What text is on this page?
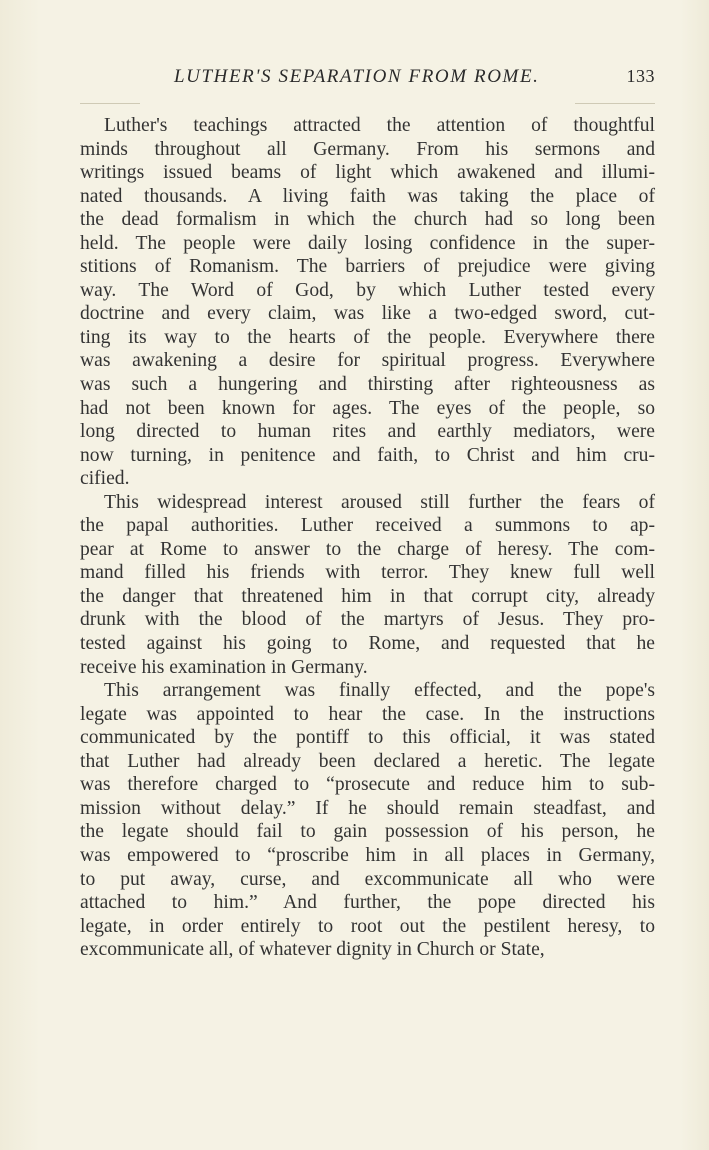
LUTHER'S SEPARATION FROM ROME.	133
Luther's teachings attracted the attention of thoughtful
minds throughout all Germany. From his sermons and
writings issued beams of light which awakened and illumi-
nated thousands. A living faith was taking the place of
the dead formalism in which the church had so long been
held. The people were daily losing confidence in the super-
stitions of Romanism. The barriers of prejudice were giving
way. The Word of God, by which Luther tested every
doctrine and every claim, was like a two-edged sword, cut-
ting its way to the hearts of the people. Everywhere there
was awakening a desire for spiritual progress. Everywhere
was such a hungering and thirsting after righteousness as
had not been known for ages. The eyes of the people, so
long directed to human rites and earthly mediators, were
now turning, in penitence and faith, to Christ and him cru-
cified.
This widespread interest aroused still further the fears of
the papal authorities. Luther received a summons to ap-
pear at Rome to answer to the charge of heresy. The com-
mand filled his friends with terror. They knew full well
the danger that threatened him in that corrupt city, already
drunk with the blood of the martyrs of Jesus. They pro-
tested against his going to Rome, and requested that he
receive his examination in Germany.
This arrangement was finally effected, and the pope's
legate was appointed to hear the case. In the instructions
communicated by the pontiff to this official, it was stated
that Luther had already been declared a heretic. The legate
was therefore charged to “prosecute and reduce him to sub-
mission without delay.” If he should remain steadfast, and
the legate should fail to gain possession of his person, he
was empowered to “proscribe him in all places in Germany,
to put away, curse, and excommunicate all who were
attached to him.” And further, the pope directed his
legate, in order entirely to root out the pestilent heresy, to
excommunicate all, of whatever dignity in Church or State,
